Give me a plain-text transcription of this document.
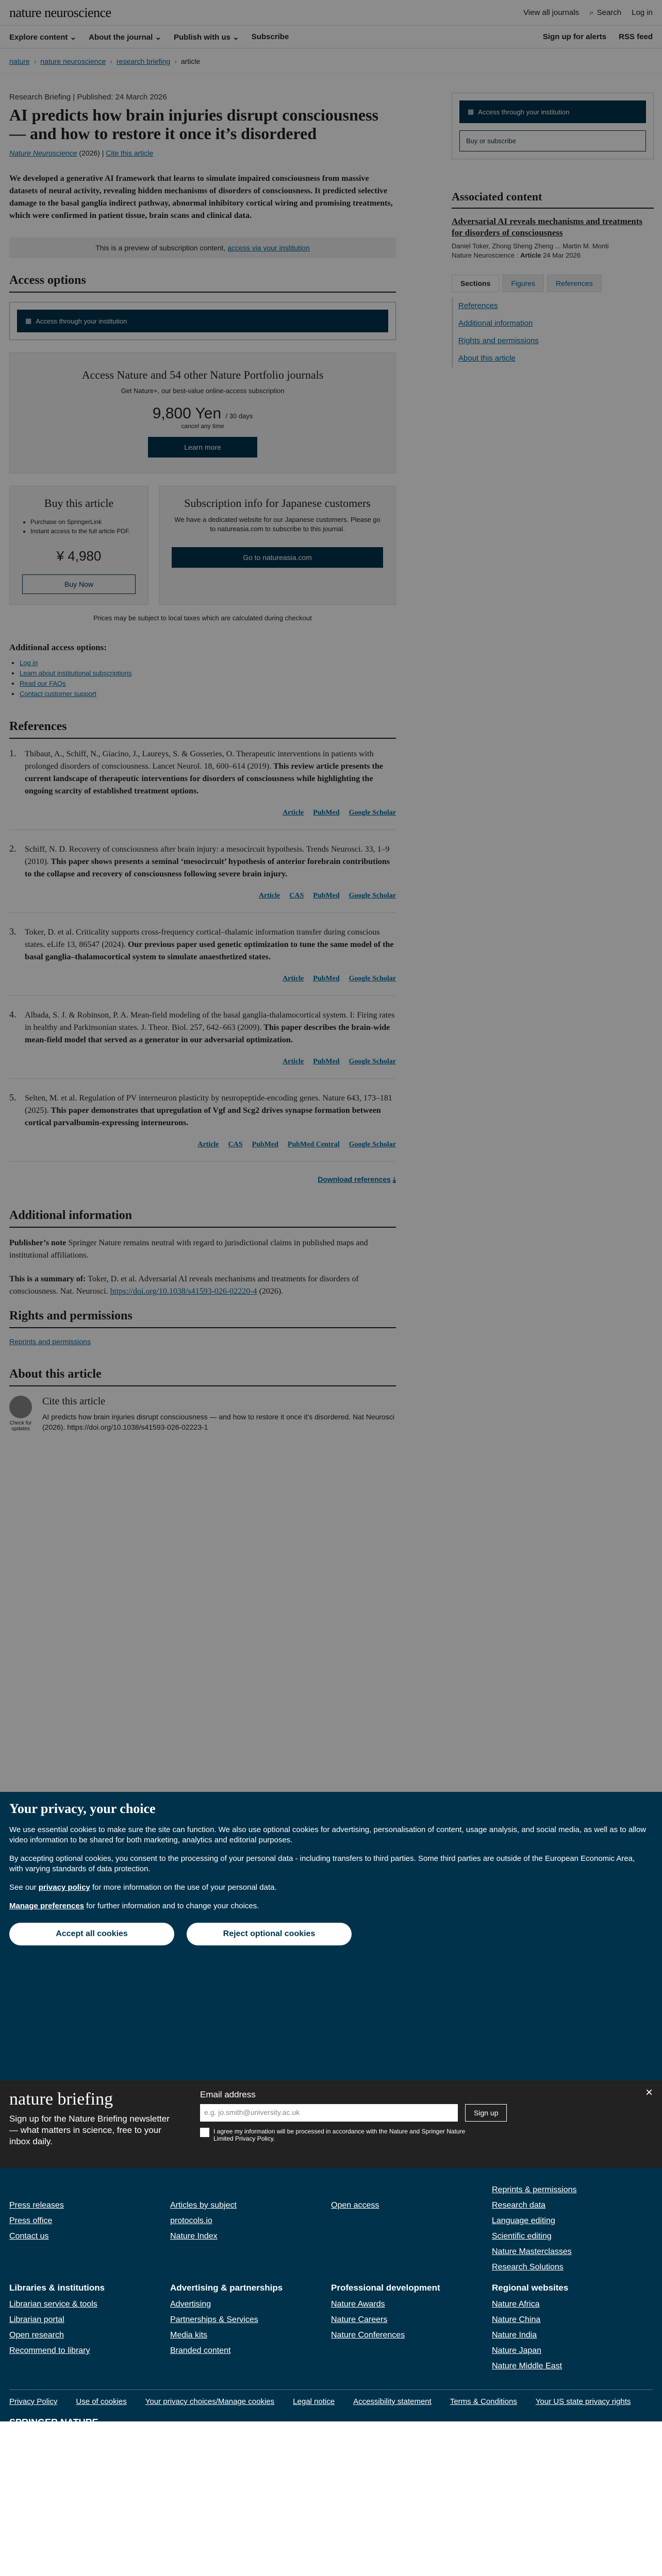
nature neuroscience	View all journals ⌕ Search Log in
Explore content ⌄ About the journal ⌄ Publish with us ⌄ Subscribe	Sign up for alerts RSS feed
nature › nature neuroscience › research briefing › article
Research Briefing | Published: 24 March 2026
AI predicts how brain injuries disrupt consciousness — and how to restore it once it’s disordered
Nature Neuroscience (2026) | Cite this article
We developed a generative AI framework that learns to simulate impaired consciousness from massive datasets of neural activity, revealing hidden mechanisms of disorders of consciousness. It predicted selective damage to the basal ganglia indirect pathway, abnormal inhibitory cortical wiring and promising treatments, which were confirmed in patient tissue, brain scans and clinical data.
This is a preview of subscription content, access via your institution
Access options
▦ Access through your institution
Access Nature and 54 other Nature Portfolio journals
Get Nature+, our best-value online-access subscription
9,800 Yen / 30 days
cancel any time
Learn more
Buy this article
• Purchase on SpringerLink
• Instant access to the full article PDF.
¥ 4,980
Buy Now
Subscription info for Japanese customers

We have a dedicated website for our Japanese customers. Please go to natureasia.com to subscribe to this journal.

Go to natureasia.com
Prices may be subject to local taxes which are calculated during checkout
Additional access options:
• Log in
• Learn about institutional subscriptions
• Read our FAQs
• Contact customer support
References
1.	Thibaut, A., Schiff, N., Giacino, J., Laureys, S. & Gosseries, O. Therapeutic interventions in patients with prolonged disorders of consciousness. Lancet Neurol. 18, 600–614 (2019). This review article presents the current landscape of therapeutic interventions for disorders of consciousness while highlighting the ongoing scarcity of established treatment options.
Article PubMed Google Scholar
2.	Schiff, N. D. Recovery of consciousness after brain injury: a mesocircuit hypothesis. Trends Neurosci. 33, 1–9 (2010). This paper shows presents a seminal ‘mesocircuit’ hypothesis of anterior forebrain contributions to the collapse and recovery of consciousness following severe brain injury.
Article CAS PubMed Google Scholar
3.	Toker, D. et al. Criticality supports cross-frequency cortical–thalamic information transfer during conscious states. eLife 13, 86547 (2024). Our previous paper used genetic optimization to tune the same model of the basal ganglia–thalamocortical system to simulate anaesthetized states.
Article PubMed Google Scholar
4.	Albada, S. J. & Robinson, P. A. Mean-field modeling of the basal ganglia-thalamocortical system. I: Firing rates in healthy and Parkinsonian states. J. Theor. Biol. 257, 642–663 (2009). This paper describes the brain-wide mean-field model that served as a generator in our adversarial optimization.
Article PubMed Google Scholar
5.	Selten, M. et al. Regulation of PV interneuron plasticity by neuropeptide-encoding genes. Nature 643, 173–181 (2025). This paper demonstrates that upregulation of Vgf and Scg2 drives synapse formation between cortical parvalbumin-expressing interneurons.
Article CAS PubMed PubMed Central Google Scholar
Download references ⤓
Additional information

Publisher’s note Springer Nature remains neutral with regard to jurisdictional claims in published maps and institutional affiliations.

This is a summary of: Toker, D. et al. Adversarial AI reveals mechanisms and treatments for disorders of consciousness. Nat. Neurosci. https://doi.org/10.1038/s41593-026-02220-4 (2026).

Rights and permissions
Reprints and permissions
About this article
Check for updates
Cite this article

AI predicts how brain injuries disrupt consciousness — and how to restore it once it’s disordered. Nat Neurosci (2026). https://doi.org/10.1038/s41593-026-02223-1

▦ Access through your institution
Buy or subscribe
Associated content
Adversarial AI reveals mechanisms and treatments for disorders of consciousness
Daniel Toker, Zhong Sheng Zheng ... Martin M. Monti
Nature Neuroscience : Article 24 Mar 2026
Sections	Figures	References
References
Additional information
Rights and permissions
About this article
Your privacy, your choice

We use essential cookies to make sure the site can function. We also use optional cookies for advertising, personalisation of content, usage analysis, and social media, as well as to allow video information to be shared for both marketing, analytics and editorial purposes.

By accepting optional cookies, you consent to the processing of your personal data - including transfers to third parties. Some third parties are outside of the European Economic Area, with varying standards of data protection.

See our privacy policy for more information on the use of your personal data.

Manage preferences for further information and to change your choices.

Accept all cookies	Reject optional cookies
nature briefing
Sign up for the Nature Briefing newsletter — what matters in science, free to your inbox daily.
Email address
e.g. jo.smith@university.ac.uk	Sign up
I agree my information will be processed in accordance with the Nature and Springer Nature Limited Privacy Policy.
×
Press releases
Press office
Contact us
Articles by subject
protocols.io
Nature Index
Open access
Reprints & permissions
Research data
Language editing
Scientific editing
Nature Masterclasses
Research Solutions
Libraries & institutions
Librarian service & tools
Librarian portal
Open research
Recommend to library
Advertising & partnerships
Advertising
Partnerships & Services
Media kits
Branded content
Professional development
Nature Awards
Nature Careers
Nature Conferences
Regional websites
Nature Africa
Nature China
Nature India
Nature Japan
Nature Middle East
Privacy Policy Use of cookies Your privacy choices/Manage cookies Legal notice Accessibility statement Terms & Conditions Your US state privacy rights
SPRINGER NATURE
© 2026 Springer Nature Limited
